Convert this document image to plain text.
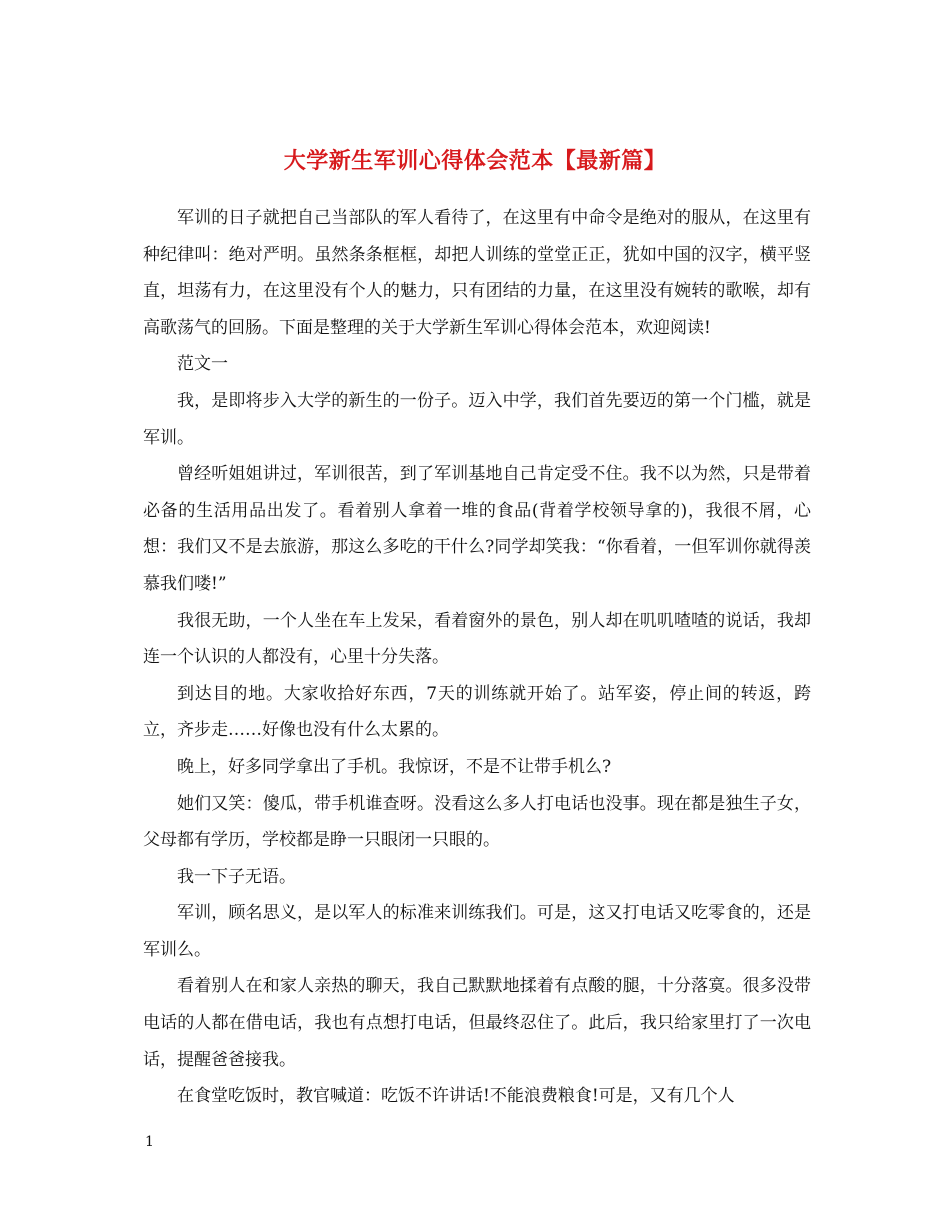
大学新生军训心得体会范本【最新篇】

军训的日子就把自己当部队的军人看待了，在这里有中命令是绝对的服从，在这里有种纪律叫：绝对严明。虽然条条框框，却把人训练的堂堂正正，犹如中国的汉字，横平竖直，坦荡有力，在这里没有个人的魅力，只有团结的力量，在这里没有婉转的歌喉，却有高歌荡气的回肠。下面是整理的关于大学新生军训心得体会范本，欢迎阅读!

范文一

我，是即将步入大学的新生的一份子。迈入中学，我们首先要迈的第一个门槛，就是军训。

曾经听姐姐讲过，军训很苦，到了军训基地自己肯定受不住。我不以为然，只是带着必备的生活用品出发了。看着别人拿着一堆的食品(背着学校领导拿的)，我很不屑，心想：我们又不是去旅游，那这么多吃的干什么?同学却笑我：“你看着，一但军训你就得羡慕我们喽!”

我很无助，一个人坐在车上发呆，看着窗外的景色，别人却在叽叽喳喳的说话，我却连一个认识的人都没有，心里十分失落。

到达目的地。大家收拾好东西，7天的训练就开始了。站军姿，停止间的转返，跨立，齐步走……好像也没有什么太累的。

晚上，好多同学拿出了手机。我惊讶，不是不让带手机么?

她们又笑：傻瓜，带手机谁查呀。没看这么多人打电话也没事。现在都是独生子女，父母都有学历，学校都是睁一只眼闭一只眼的。

我一下子无语。

军训，顾名思义，是以军人的标准来训练我们。可是，这又打电话又吃零食的，还是军训么。

看着别人在和家人亲热的聊天，我自己默默地揉着有点酸的腿，十分落寞。很多没带电话的人都在借电话，我也有点想打电话，但最终忍住了。此后，我只给家里打了一次电话，提醒爸爸接我。

在食堂吃饭时，教官喊道：吃饭不许讲话!不能浪费粮食!可是，又有几个人

1
